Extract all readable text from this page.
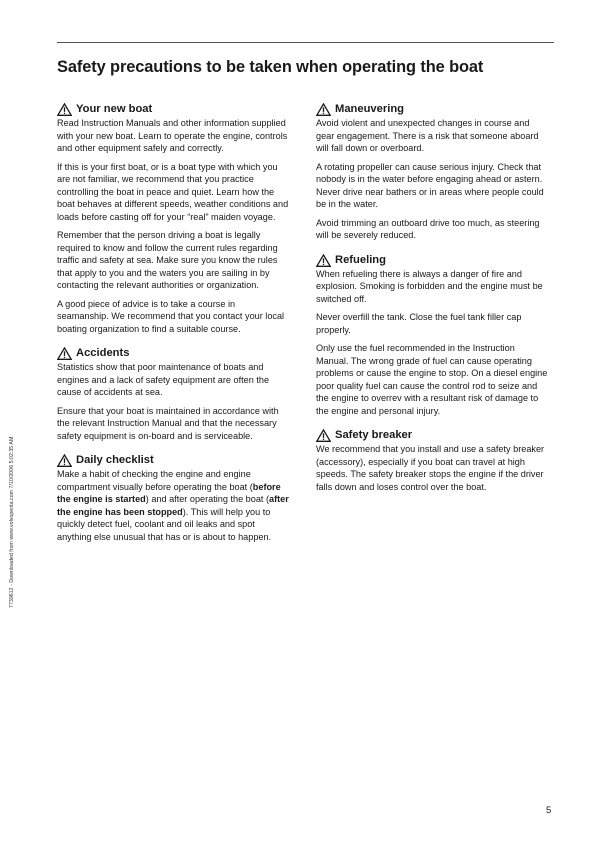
Safety precautions to be taken when operating the boat
7739612 - Downloaded from www.volvopenta.com 7/10/2006 5:02:35 AM
Your new boat

Read Instruction Manuals and other information supplied with your new boat. Learn to operate the engine, controls and other equipment safely and correctly.

If this is your first boat, or is a boat type with which you are not familiar, we recommend that you practice controlling the boat in peace and quiet. Learn how the boat behaves at different speeds, weather conditions and loads before casting off for your “real” maiden voyage.

Remember that the person driving a boat is legally required to know and follow the current rules regarding traffic and safety at sea. Make sure you know the rules that apply to you and the waters you are sailing in by contacting the relevant authorities or organization.

A good piece of advice is to take a course in seamanship. We recommend that you contact your local boating organization to find a suitable course.

Accidents

Statistics show that poor maintenance of boats and engines and a lack of safety equipment are often the cause of accidents at sea.

Ensure that your boat is maintained in accordance with the relevant Instruction Manual and that the necessary safety equipment is on-board and is serviceable.

Daily checklist

Make a habit of checking the engine and engine compartment visually before operating the boat (before the engine is started) and after operating the boat (after the engine has been stopped). This will help you to quickly detect fuel, coolant and oil leaks and spot anything else unusual that has or is about to happen.

Maneuvering

Avoid violent and unexpected changes in course and gear engagement. There is a risk that someone aboard will fall down or overboard.

A rotating propeller can cause serious injury. Check that nobody is in the water before engaging ahead or astern. Never drive near bathers or in areas where people could be in the water.

Avoid trimming an outboard drive too much, as steering will be severely reduced.

Refueling

When refueling there is always a danger of fire and explosion. Smoking is forbidden and the engine must be switched off.

Never overfill the tank. Close the fuel tank filler cap properly.

Only use the fuel recommended in the Instruction Manual. The wrong grade of fuel can cause operating problems or cause the engine to stop. On a diesel engine poor quality fuel can cause the control rod to seize and the engine to overrev with a resultant risk of damage to the engine and personal injury.

Safety breaker

We recommend that you install and use a safety breaker (accessory), especially if you boat can travel at high speeds. The safety breaker stops the engine if the driver falls down and loses control over the boat.

5
